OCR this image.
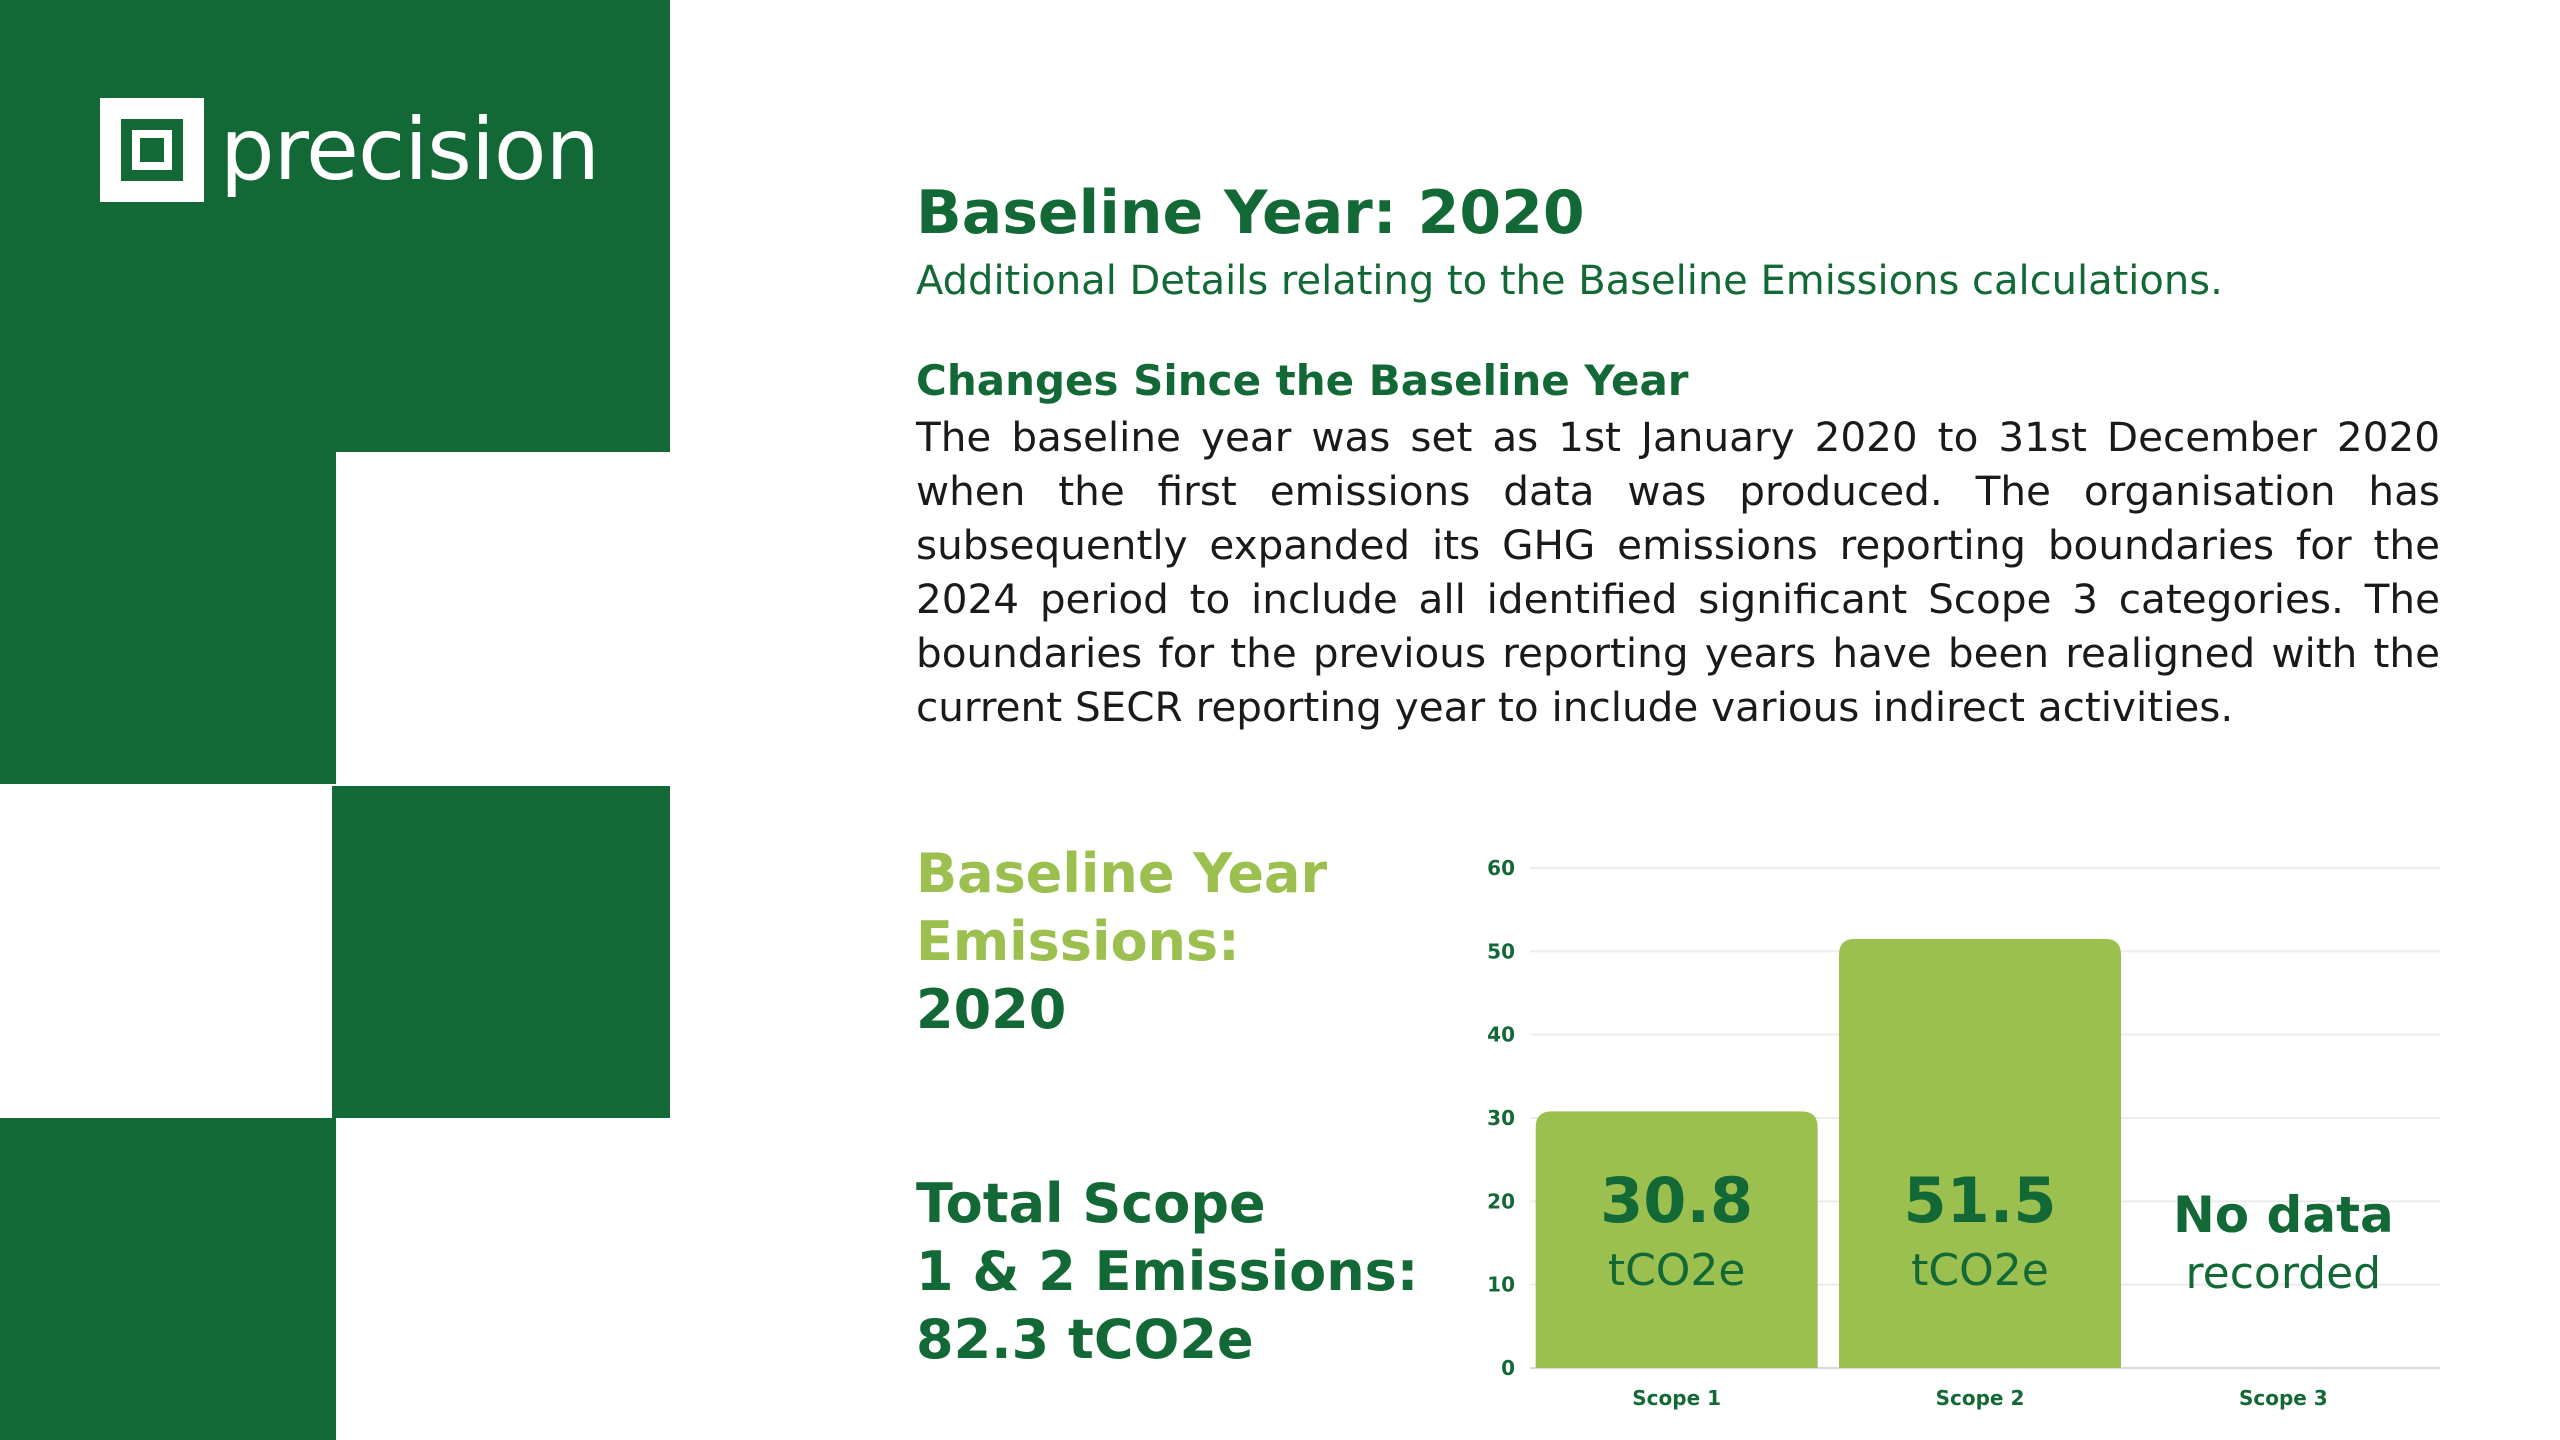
precision
Baseline Year: 2020
Additional Details relating to the Baseline Emissions calculations.
Changes Since the Baseline Year
The baseline year was set as 1st January 2020 to 31st December 2020 when the first emissions data was produced. The organisation has subsequently expanded its GHG emissions reporting boundaries for the 2024 period to include all identified significant Scope 3 categories. The boundaries for the previous reporting years have been realigned with the current SECR reporting year to include various indirect activities.
Baseline Year
Emissions:
2020
Total Scope
1 & 2 Emissions:
82.3 tCO2e	0
10
20
30
40
50
60
30.8
tCO2e
Scope 1
51.5
tCO2e
Scope 2
No data
recorded
Scope 3
